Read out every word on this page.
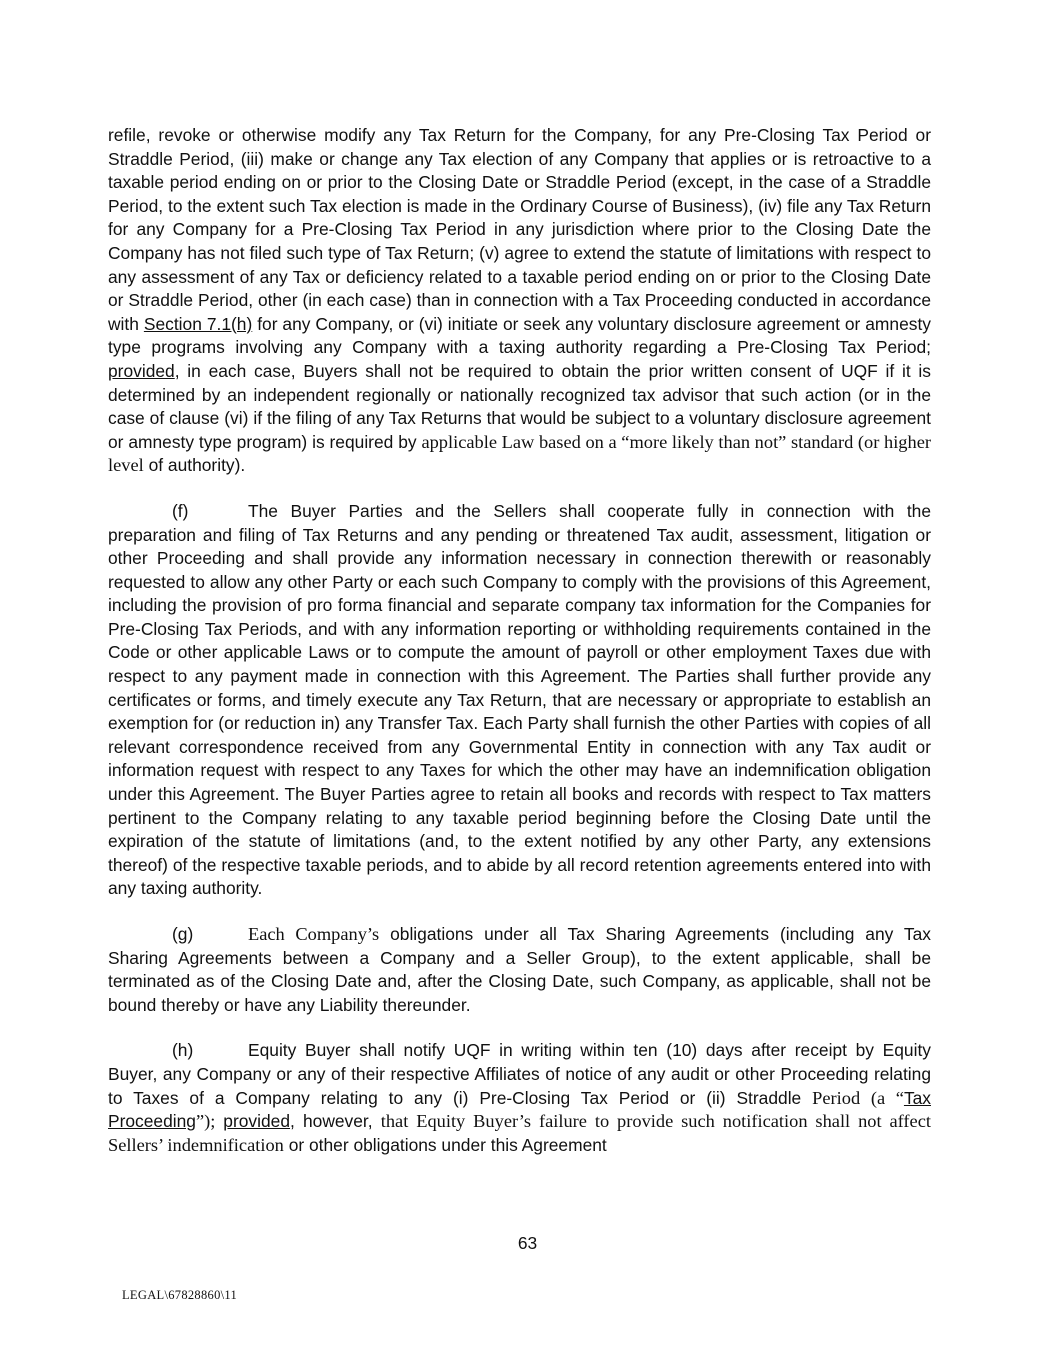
refile, revoke or otherwise modify any Tax Return for the Company, for any Pre-Closing Tax Period or Straddle Period, (iii) make or change any Tax election of any Company that applies or is retroactive to a taxable period ending on or prior to the Closing Date or Straddle Period (except, in the case of a Straddle Period, to the extent such Tax election is made in the Ordinary Course of Business), (iv) file any Tax Return for any Company for a Pre-Closing Tax Period in any jurisdiction where prior to the Closing Date the Company has not filed such type of Tax Return; (v) agree to extend the statute of limitations with respect to any assessment of any Tax or deficiency related to a taxable period ending on or prior to the Closing Date or Straddle Period, other (in each case) than in connection with a Tax Proceeding conducted in accordance with Section 7.1(h) for any Company, or (vi) initiate or seek any voluntary disclosure agreement or amnesty type programs involving any Company with a taxing authority regarding a Pre-Closing Tax Period; provided, in each case, Buyers shall not be required to obtain the prior written consent of UQF if it is determined by an independent regionally or nationally recognized tax advisor that such action (or in the case of clause (vi) if the filing of any Tax Returns that would be subject to a voluntary disclosure agreement or amnesty type program) is required by applicable Law based on a “more likely than not” standard (or higher level of authority).

(f)	The Buyer Parties and the Sellers shall cooperate fully in connection with the preparation and filing of Tax Returns and any pending or threatened Tax audit, assessment, litigation or other Proceeding and shall provide any information necessary in connection therewith or reasonably requested to allow any other Party or each such Company to comply with the provisions of this Agreement, including the provision of pro forma financial and separate company tax information for the Companies for Pre-Closing Tax Periods, and with any information reporting or withholding requirements contained in the Code or other applicable Laws or to compute the amount of payroll or other employment Taxes due with respect to any payment made in connection with this Agreement. The Parties shall further provide any certificates or forms, and timely execute any Tax Return, that are necessary or appropriate to establish an exemption for (or reduction in) any Transfer Tax. Each Party shall furnish the other Parties with copies of all relevant correspondence received from any Governmental Entity in connection with any Tax audit or information request with respect to any Taxes for which the other may have an indemnification obligation under this Agreement. The Buyer Parties agree to retain all books and records with respect to Tax matters pertinent to the Company relating to any taxable period beginning before the Closing Date until the expiration of the statute of limitations (and, to the extent notified by any other Party, any extensions thereof) of the respective taxable periods, and to abide by all record retention agreements entered into with any taxing authority.

(g)	Each Company’s obligations under all Tax Sharing Agreements (including any Tax Sharing Agreements between a Company and a Seller Group), to the extent applicable, shall be terminated as of the Closing Date and, after the Closing Date, such Company, as applicable, shall not be bound thereby or have any Liability thereunder.

(h)	Equity Buyer shall notify UQF in writing within ten (10) days after receipt by Equity Buyer, any Company or any of their respective Affiliates of notice of any audit or other Proceeding relating to Taxes of a Company relating to any (i) Pre-Closing Tax Period or (ii) Straddle Period (a “Tax Proceeding”); provided, however, that Equity Buyer’s failure to provide such notification shall not affect Sellers’ indemnification or other obligations under this Agreement

63
LEGAL\67828860\11
